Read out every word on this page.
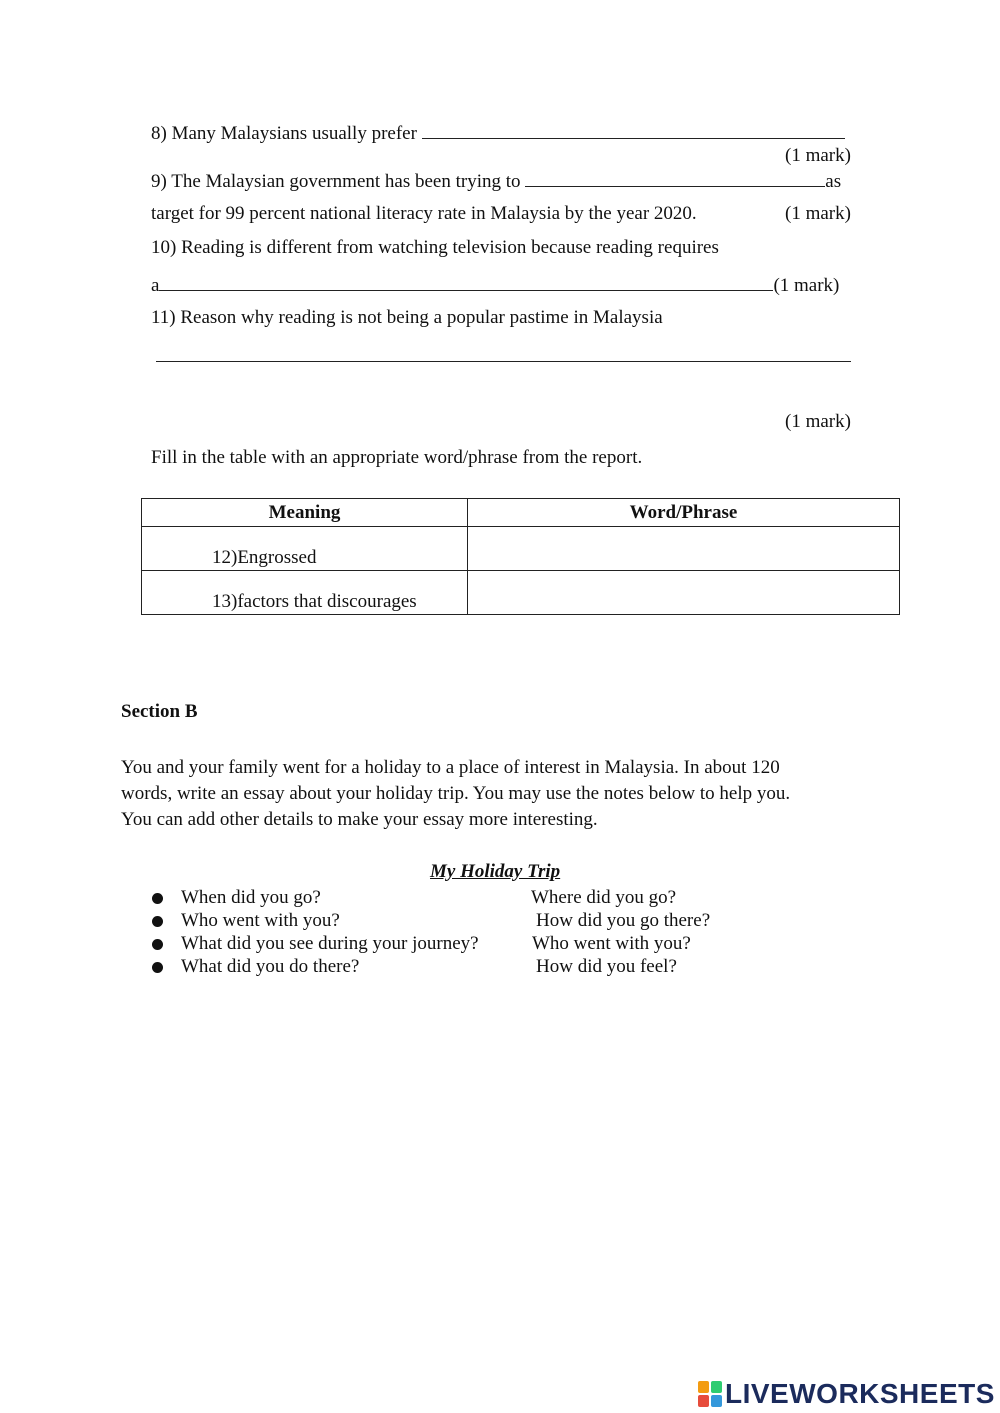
8) Many Malaysians usually prefer
(1 mark)
9) The Malaysian government has been trying to	as
target for 99 percent national literacy rate in Malaysia by the year 2020.	(1 mark)
10) Reading is different from watching television because reading requires
a	(1 mark)
11) Reason why reading is not being a popular pastime in Malaysia
(1 mark)
Fill in the table with an appropriate word/phrase from the report.
Meaning	Word/Phrase
12)Engrossed	
13)factors that discourages	
Section B
You and your family went for a holiday to a place of interest in Malaysia. In about 120
words, write an essay about your holiday trip. You may use the notes below to help you.
You can add other details to make your essay more interesting.
My Holiday Trip
When did you go?	Where did you go?
Who went with you?	How did you go there?
What did you see during your journey?	Who went with you?
What did you do there?	How did you feel?
LIVEWORKSHEETS
